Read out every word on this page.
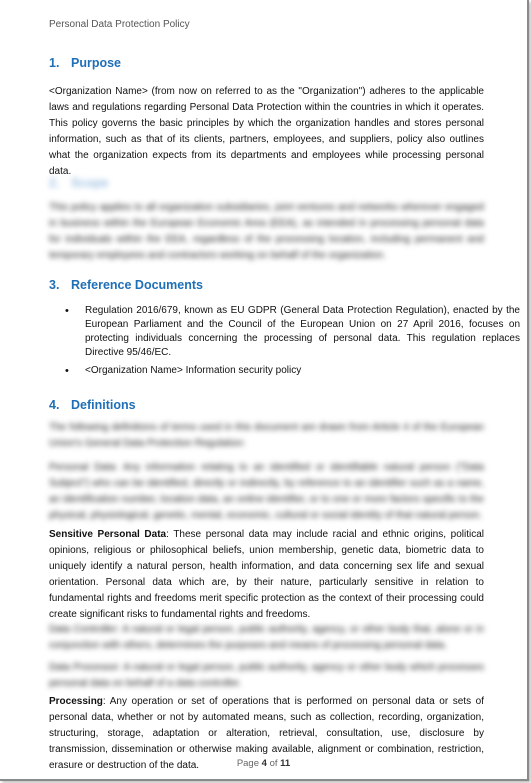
Personal Data Protection Policy
1. Purpose
<Organization Name> (from now on referred to as the "Organization") adheres to the applicable laws and regulations regarding Personal Data Protection within the countries in which it operates. This policy governs the basic principles by which the organization handles and stores personal information, such as that of its clients, partners, employees, and suppliers, policy also outlines what the organization expects from its departments and employees while processing personal data.
2. Scope
This policy applies to all organization subsidiaries, joint ventures and networks wherever engaged in business within the European Economic Area (EEA), as intended in processing personal data for individuals within the EEA, regardless of the processing location, including permanent and temporary employees and contractors working on behalf of the organization.
3. Reference Documents
• Regulation 2016/679, known as EU GDPR (General Data Protection Regulation), enacted by the European Parliament and the Council of the European Union on 27 April 2016, focuses on protecting individuals concerning the processing of personal data. This regulation replaces Directive 95/46/EC.
• <Organization Name> Information security policy
4. Definitions
The following definitions of terms used in this document are drawn from Article 4 of the European Union's General Data Protection Regulation:
Personal Data: Any information relating to an identified or identifiable natural person ("Data Subject") who can be identified, directly or indirectly, by reference to an identifier such as a name, an identification number, location data, an online identifier, or to one or more factors specific to the physical, physiological, genetic, mental, economic, cultural or social identity of that natural person.
Sensitive Personal Data: These personal data may include racial and ethnic origins, political opinions, religious or philosophical beliefs, union membership, genetic data, biometric data to uniquely identify a natural person, health information, and data concerning sex life and sexual orientation. Personal data which are, by their nature, particularly sensitive in relation to fundamental rights and freedoms merit specific protection as the context of their processing could create significant risks to fundamental rights and freedoms.
Data Controller: A natural or legal person, public authority, agency, or other body that, alone or in conjunction with others, determines the purposes and means of processing personal data.
Data Processor: A natural or legal person, public authority, agency or other body which processes personal data on behalf of a data controller.
Processing: Any operation or set of operations that is performed on personal data or sets of personal data, whether or not by automated means, such as collection, recording, organization, structuring, storage, adaptation or alteration, retrieval, consultation, use, disclosure by transmission, dissemination or otherwise making available, alignment or combination, restriction, erasure or destruction of the data.	Page 4 of 11
